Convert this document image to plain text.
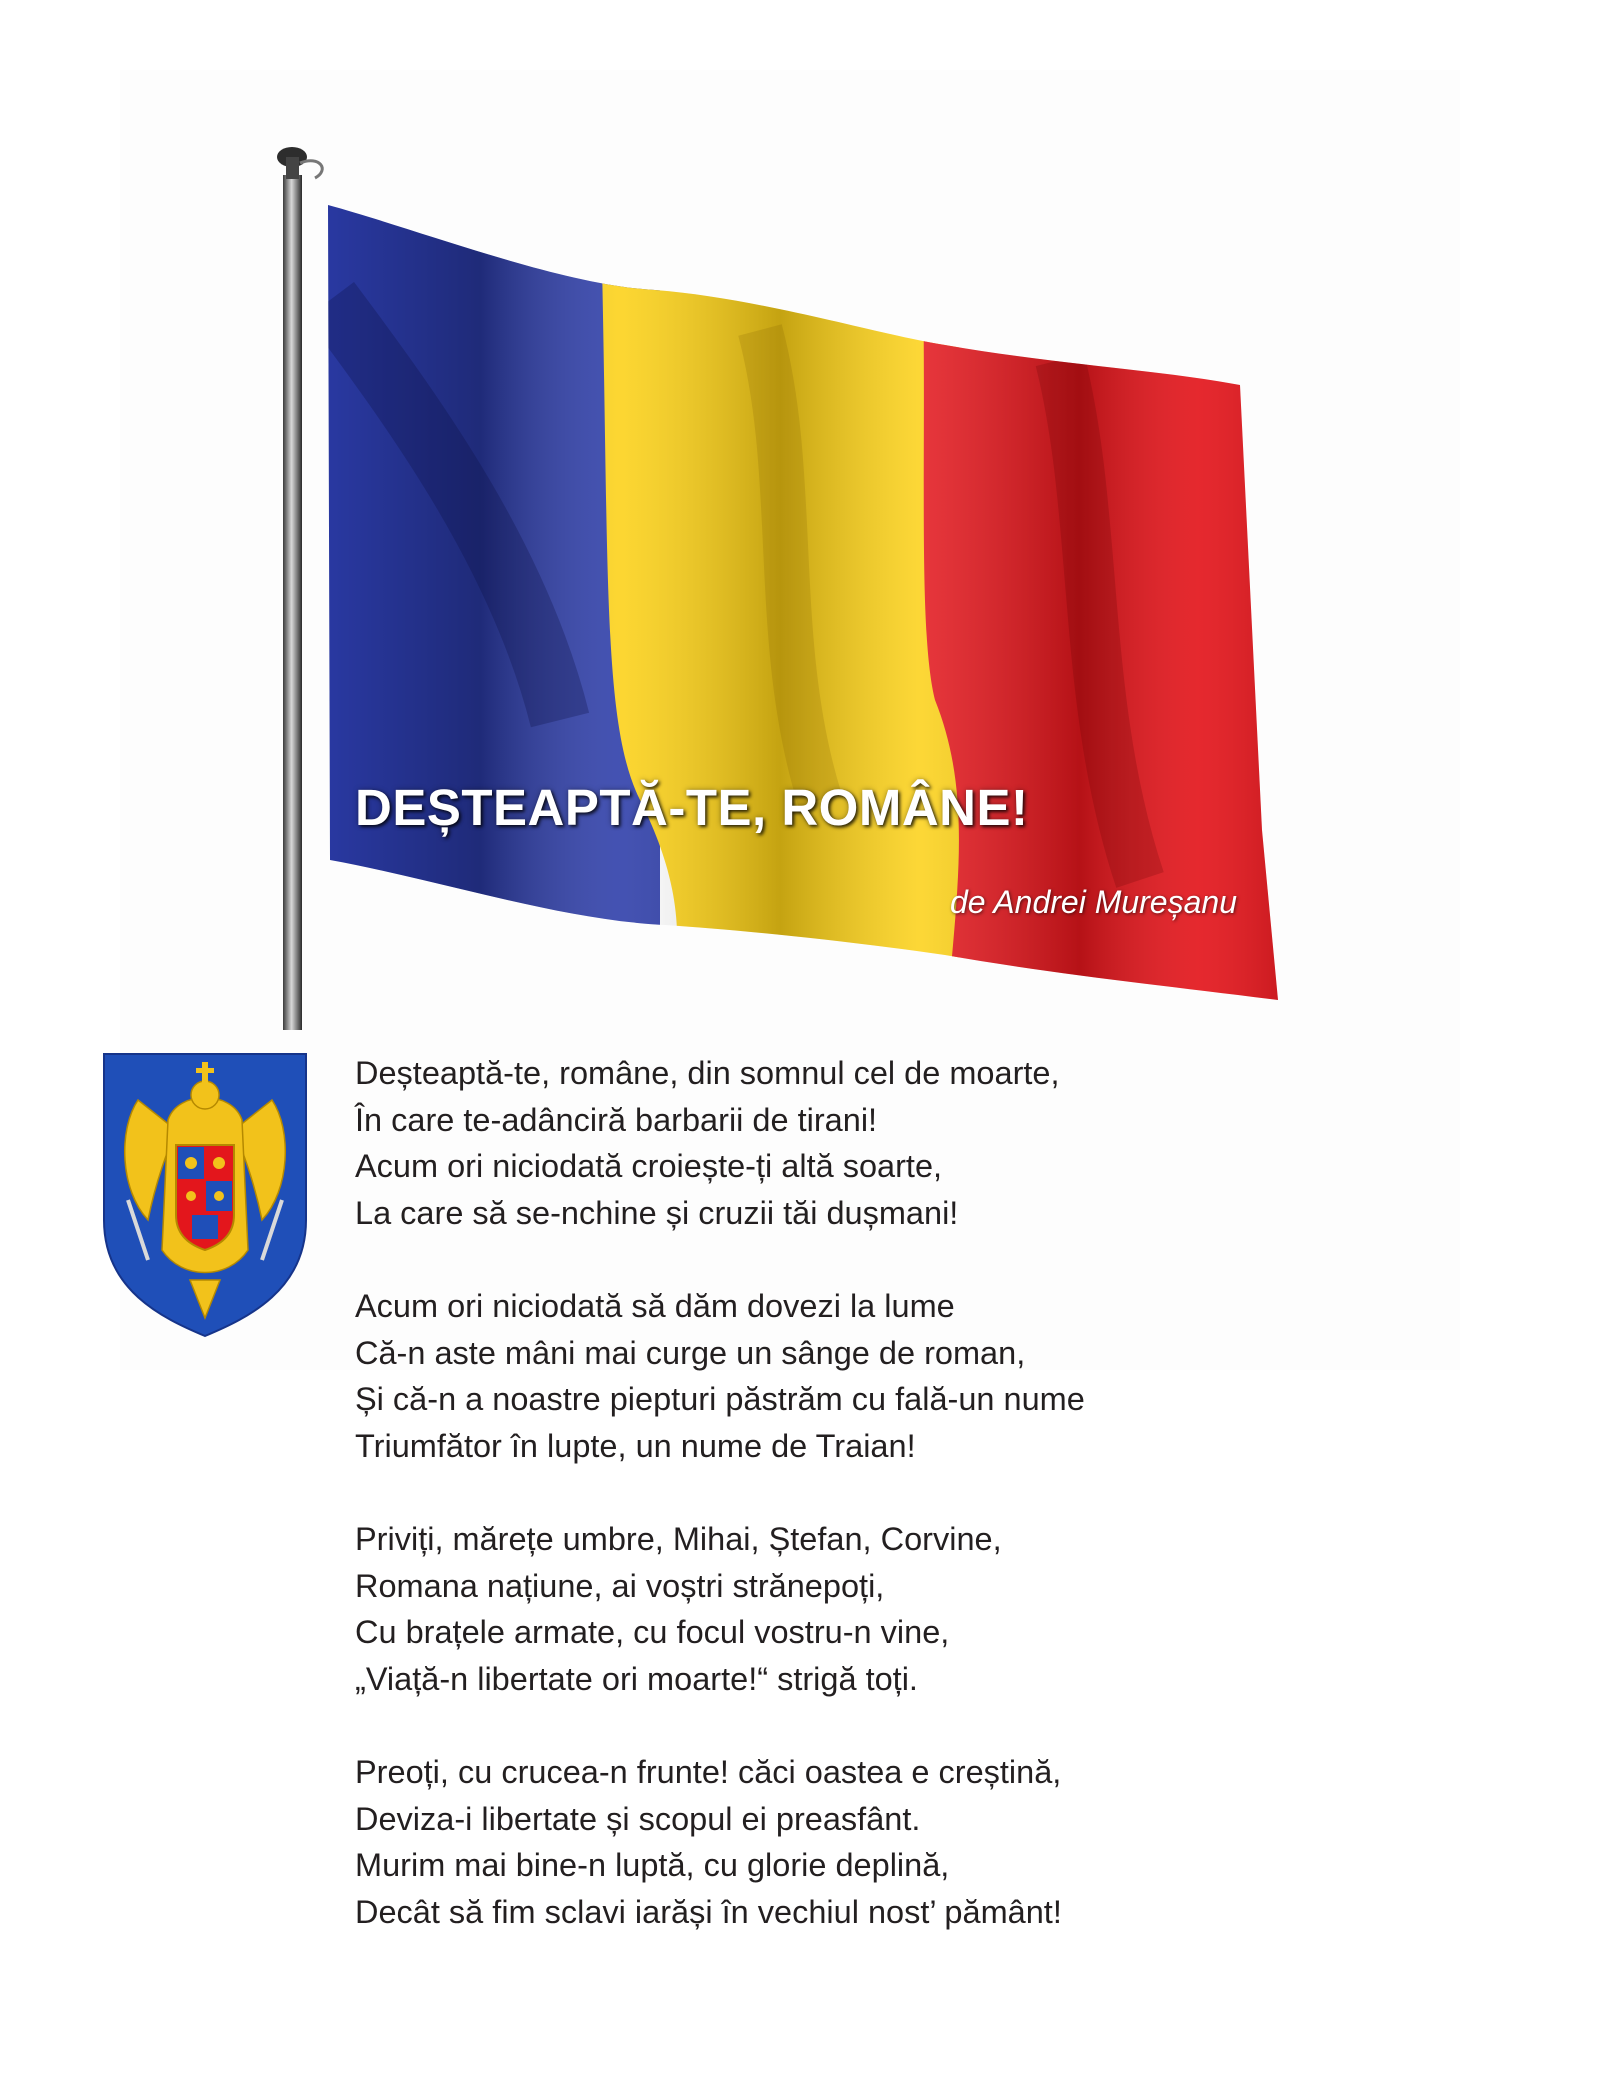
DEȘTEAPTĂ-TE, ROMÂNE!
de Andrei Mureșanu
Deșteaptă-te, române, din somnul cel de moarte,
În care te-adânciră barbarii de tirani!
Acum ori niciodată croiește-ți altă soarte,
La care să se-nchine și cruzii tăi dușmani!
Acum ori niciodată să dăm dovezi la lume
Că-n aste mâni mai curge un sânge de roman,
Și că-n a noastre piepturi păstrăm cu fală-un nume
Triumfător în lupte, un nume de Traian!
Priviți, mărețe umbre, Mihai, Ștefan, Corvine,
Romana națiune, ai voștri strănepoți,
Cu brațele armate, cu focul vostru-n vine,
„Viață-n libertate ori moarte!“ strigă toți.
Preoți, cu crucea-n frunte! căci oastea e creștină,
Deviza-i libertate și scopul ei preasfânt.
Murim mai bine-n luptă, cu glorie deplină,
Decât să fim sclavi iarăși în vechiul nost’ pământ!
